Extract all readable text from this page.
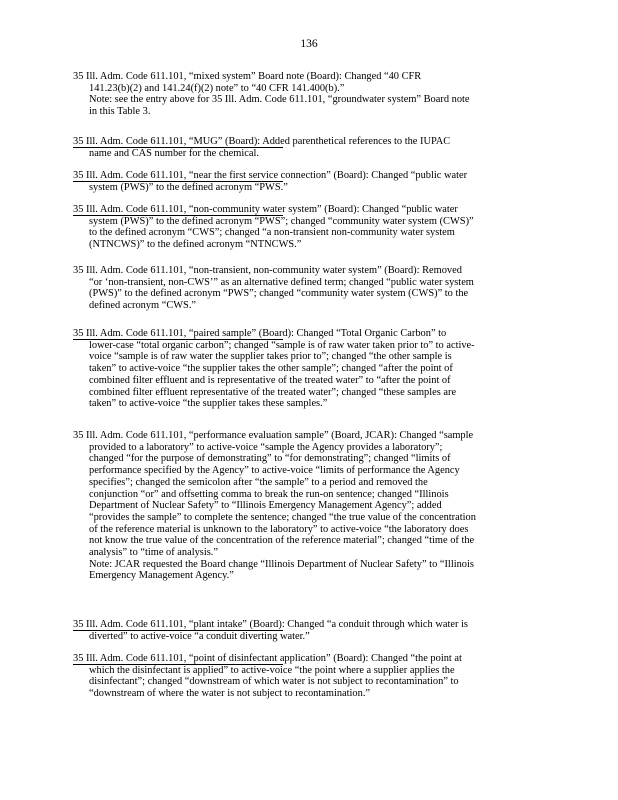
136
35 Ill. Adm. Code 611.101, “mixed system” Board note (Board): Changed “40 CFR
141.23(b)(2) and 141.24(f)(2) note” to “40 CFR 141.400(b).”
Note: see the entry above for 35 Ill. Adm. Code 611.101, “groundwater system” Board note
in this Table 3.
35 Ill. Adm. Code 611.101, “MUG” (Board): Added parenthetical references to the IUPAC
name and CAS number for the chemical.
35 Ill. Adm. Code 611.101, “near the first service connection” (Board): Changed “public water
system (PWS)” to the defined acronym “PWS.”
35 Ill. Adm. Code 611.101, “non-community water system” (Board): Changed “public water
system (PWS)” to the defined acronym “PWS”; changed “community water system (CWS)”
to the defined acronym “CWS”; changed “a non-transient non-community water system
(NTNCWS)” to the defined acronym “NTNCWS.”
35 Ill. Adm. Code 611.101, “non-transient, non-community water system” (Board): Removed
“or ‘non-transient, non-CWS’” as an alternative defined term; changed “public water system
(PWS)” to the defined acronym “PWS”; changed “community water system (CWS)” to the
defined acronym “CWS.”
35 Ill. Adm. Code 611.101, “paired sample” (Board): Changed “Total Organic Carbon” to
lower-case “total organic carbon”; changed “sample is of raw water taken prior to” to active-
voice “sample is of raw water the supplier takes prior to”; changed “the other sample is
taken” to active-voice “the supplier takes the other sample”; changed “after the point of
combined filter effluent and is representative of the treated water” to “after the point of
combined filter effluent representative of the treated water”; changed “these samples are
taken” to active-voice “the supplier takes these samples.”
35 Ill. Adm. Code 611.101, “performance evaluation sample” (Board, JCAR): Changed “sample
provided to a laboratory” to active-voice “sample the Agency provides a laboratory”;
changed “for the purpose of demonstrating” to “for demonstrating”; changed “limits of
performance specified by the Agency” to active-voice “limits of performance the Agency
specifies”; changed the semicolon after “the sample” to a period and removed the
conjunction “or” and offsetting comma to break the run-on sentence; changed “Illinois
Department of Nuclear Safety” to “Illinois Emergency Management Agency”; added
“provides the sample” to complete the sentence; changed “the true value of the concentration
of the reference material is unknown to the laboratory” to active-voice “the laboratory does
not know the true value of the concentration of the reference material”; changed “time of the
analysis” to “time of analysis.”
Note: JCAR requested the Board change “Illinois Department of Nuclear Safety” to “Illinois
Emergency Management Agency.”
35 Ill. Adm. Code 611.101, “plant intake” (Board): Changed “a conduit through which water is
diverted” to active-voice “a conduit diverting water.”
35 Ill. Adm. Code 611.101, “point of disinfectant application” (Board): Changed “the point at
which the disinfectant is applied” to active-voice “the point where a supplier applies the
disinfectant”; changed “downstream of which water is not subject to recontamination” to
“downstream of where the water is not subject to recontamination.”
